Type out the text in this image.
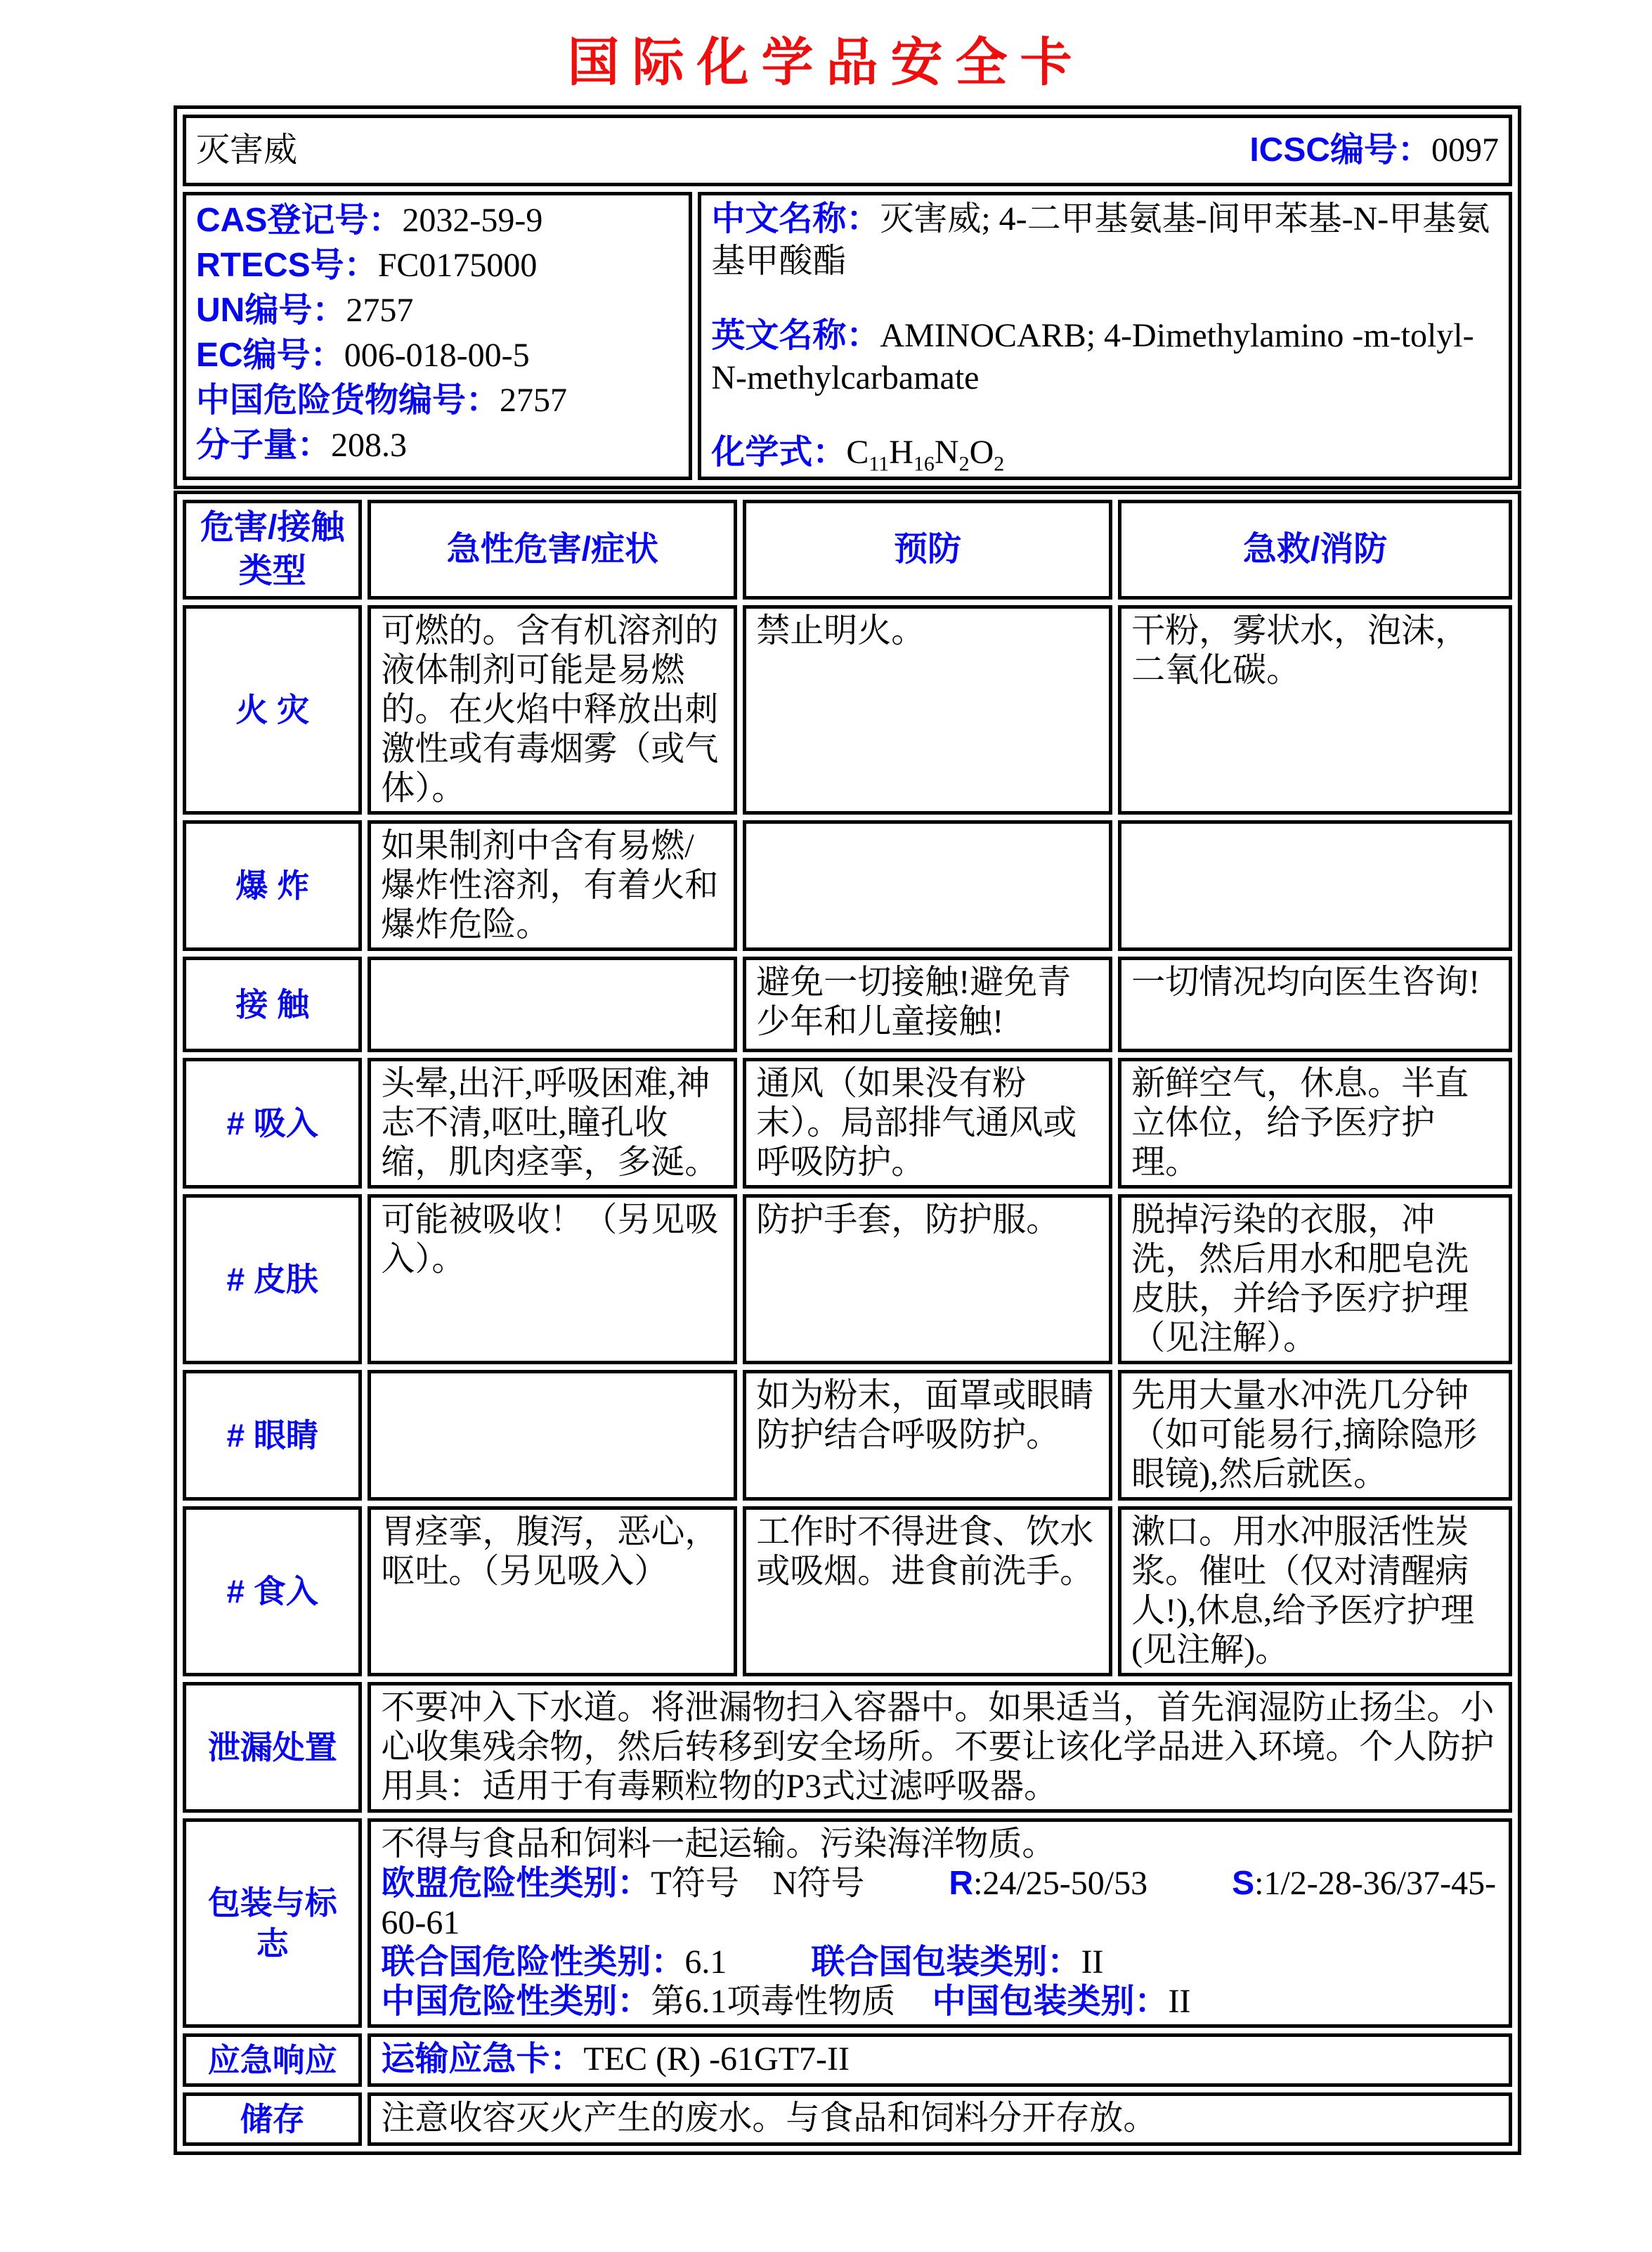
国际化学品安全卡
灭害威	ICSC编号：0097

CAS登记号：2032-59-9
RTECS号：FC0175000
UN编号：2757
EC编号：006-018-00-5
中国危险货物编号：2757
分子量：208.3

中文名称：灭害威; 4-二甲基氨基-间甲苯基-N-甲基氨基甲酸酯

英文名称：AMINOCARB; 4-Dimethylamino -m-tolyl-N-methylcarbamate

化学式：$C_{11}H_{16}N_2O_2$

危害/接触类型	急性危害/症状	预防	急救/消防
火 灾	可燃的。含有机溶剂的液体制剂可能是易燃的。在火焰中释放出刺激性或有毒烟雾（或气体）。	禁止明火。	干粉，雾状水，泡沫，二氧化碳。
爆 炸	如果制剂中含有易燃/爆炸性溶剂，有着火和爆炸危险。		
接 触		避免一切接触!避免青少年和儿童接触!	一切情况均向医生咨询!
# 吸入	头晕,出汗,呼吸困难,神志不清,呕吐,瞳孔收缩，肌肉痉挛，多涎。	通风（如果没有粉末）。局部排气通风或呼吸防护。	新鲜空气，休息。半直立体位，给予医疗护理。
# 皮肤	可能被吸收！（另见吸入）。	防护手套，防护服。	脱掉污染的衣服，冲洗，然后用水和肥皂洗皮肤，并给予医疗护理（见注解）。
# 眼睛		如为粉末，面罩或眼睛防护结合呼吸防护。	先用大量水冲洗几分钟（如可能易行,摘除隐形眼镜),然后就医。
# 食入	胃痉挛，腹泻，恶心，呕吐。（另见吸入）	工作时不得进食、饮水或吸烟。进食前洗手。	漱口。用水冲服活性炭浆。催吐（仅对清醒病人!),休息,给予医疗护理(见注解)。
泄漏处置	不要冲入下水道。将泄漏物扫入容器中。如果适当，首先润湿防止扬尘。小心收集残余物，然后转移到安全场所。不要让该化学品进入环境。个人防护用具：适用于有毒颗粒物的P3式过滤呼吸器。		
包装与标志	不得与食品和饲料一起运输。污染海洋物质。
欧盟危险性类别：T符号　N符号 R:24/25-50/53 S:1/2-28-36/37-45-60-61
联合国危险性类别：6.1 联合国包装类别：II
中国危险性类别：第6.1项毒性物质 中国包装类别：II		

应急响应	运输应急卡：TEC (R) -61GT7-II		
储存	注意收容灭火产生的废水。与食品和饲料分开存放。		
